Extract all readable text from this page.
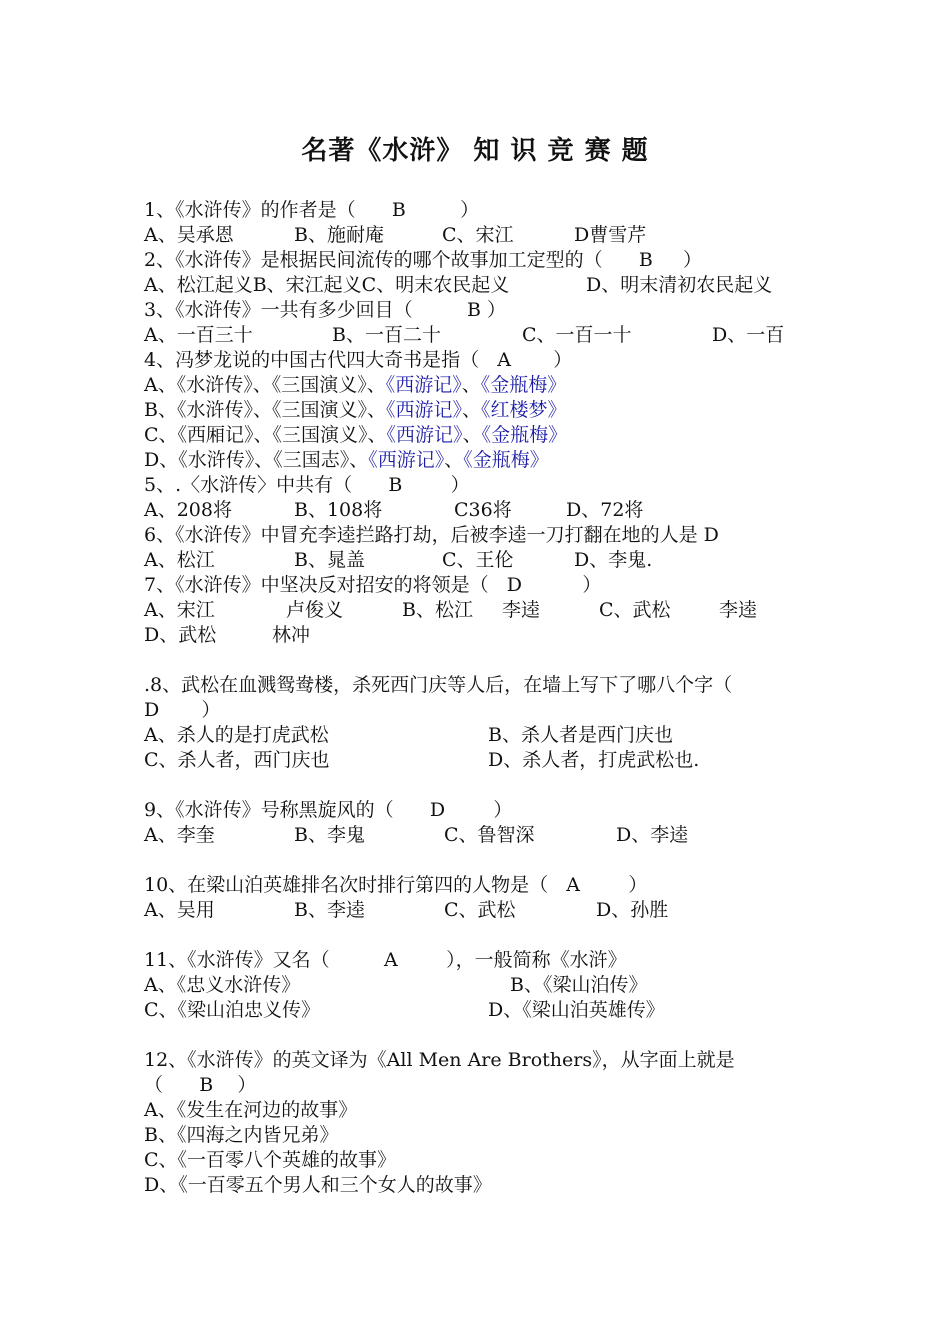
名著《水浒》 知 识 竞 赛 题
1、《水浒传》的作者是（      B         ）

A、吴承恩

	B、施耐庵

	C、宋江

	D曹雪芹

2、《水浒传》是根据民间流传的哪个故事加工定型的（      B     ）

A、松江起义B、宋江起义C、明末农民起义

	D、明末清初农民起义

3、《水浒传》一共有多少回目（         B ）

A、一百三十

	B、一百二十

	C、一百一十

	D、一百

4、冯梦龙说的中国古代四大奇书是指（   A       ）
A、《水浒传》、《三国演义》、《西游记》、《金瓶梅》
B、《水浒传》、《三国演义》、《西游记》、《红楼梦》
C、《西厢记》、《三国演义》、《西游记》、《金瓶梅》
D、《水浒传》、《三国志》、《西游记》、《金瓶梅》
5、.〈水浒传〉中共有（      B        ）

A、208将

	B、108将

	C36将

	D、72将

6、《水浒传》中冒充李逵拦路打劫，后被李逵一刀打翻在地的人是 D

A、松江

	B、晁盖

	C、王伦

	D、李鬼.

7、《水浒传》中坚决反对招安的将领是（   D          ）

A、宋江

	卢俊义

	B、松江

李逵

	C、武松

	李逵

D、武松

	林冲

.8、武松在血溅鸳鸯楼，杀死西门庆等人后，在墙上写下了哪八个字（
D       ）

A、杀人的是打虎武松

	B、杀人者是西门庆也

C、杀人者，西门庆也

	D、杀人者，打虎武松也.

9、《水浒传》号称黑旋风的（      D        ）

A、李奎

	B、李鬼

	C、鲁智深

	D、李逵

10、在梁山泊英雄排名次时排行第四的人物是（   A        ）

A、吴用

	B、李逵

	C、武松

	D、孙胜

11、《水浒传》又名（         A        ），一般简称《水浒》

A、《忠义水浒传》

	B、《梁山泊传》

C、《梁山泊忠义传》

	D、《梁山泊英雄传》

12、《水浒传》的英文译为《All Men Are Brothers》，从字面上就是
（      B    ）
A、《发生在河边的故事》
B、《四海之内皆兄弟》
C、《一百零八个英雄的故事》
D、《一百零五个男人和三个女人的故事》
